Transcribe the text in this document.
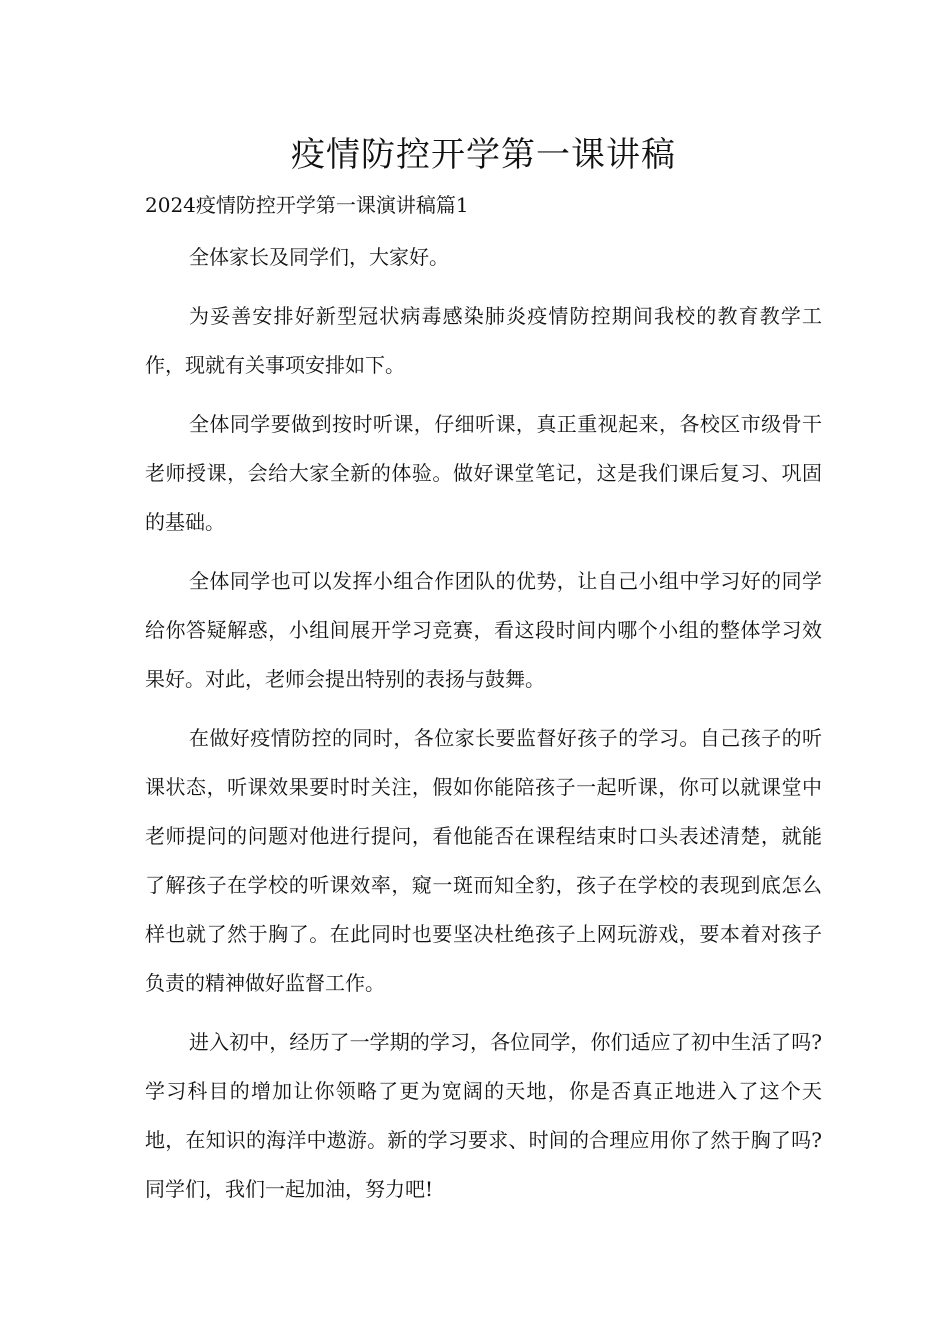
疫情防控开学第一课讲稿
2024疫情防控开学第一课演讲稿篇1

全体家长及同学们，大家好。

为妥善安排好新型冠状病毒感染肺炎疫情防控期间我校的教育教学工作，现就有关事项安排如下。

全体同学要做到按时听课，仔细听课，真正重视起来，各校区市级骨干老师授课，会给大家全新的体验。做好课堂笔记，这是我们课后复习、巩固的基础。

全体同学也可以发挥小组合作团队的优势，让自己小组中学习好的同学给你答疑解惑，小组间展开学习竞赛，看这段时间内哪个小组的整体学习效果好。对此，老师会提出特别的表扬与鼓舞。

在做好疫情防控的同时，各位家长要监督好孩子的学习。自己孩子的听课状态，听课效果要时时关注，假如你能陪孩子一起听课，你可以就课堂中老师提问的问题对他进行提问，看他能否在课程结束时口头表述清楚，就能了解孩子在学校的听课效率，窥一斑而知全豹，孩子在学校的表现到底怎么样也就了然于胸了。在此同时也要坚决杜绝孩子上网玩游戏，要本着对孩子负责的精神做好监督工作。

进入初中，经历了一学期的学习，各位同学，你们适应了初中生活了吗?学习科目的增加让你领略了更为宽阔的天地，你是否真正地进入了这个天地，在知识的海洋中遨游。新的学习要求、时间的合理应用你了然于胸了吗?同学们，我们一起加油，努力吧!
